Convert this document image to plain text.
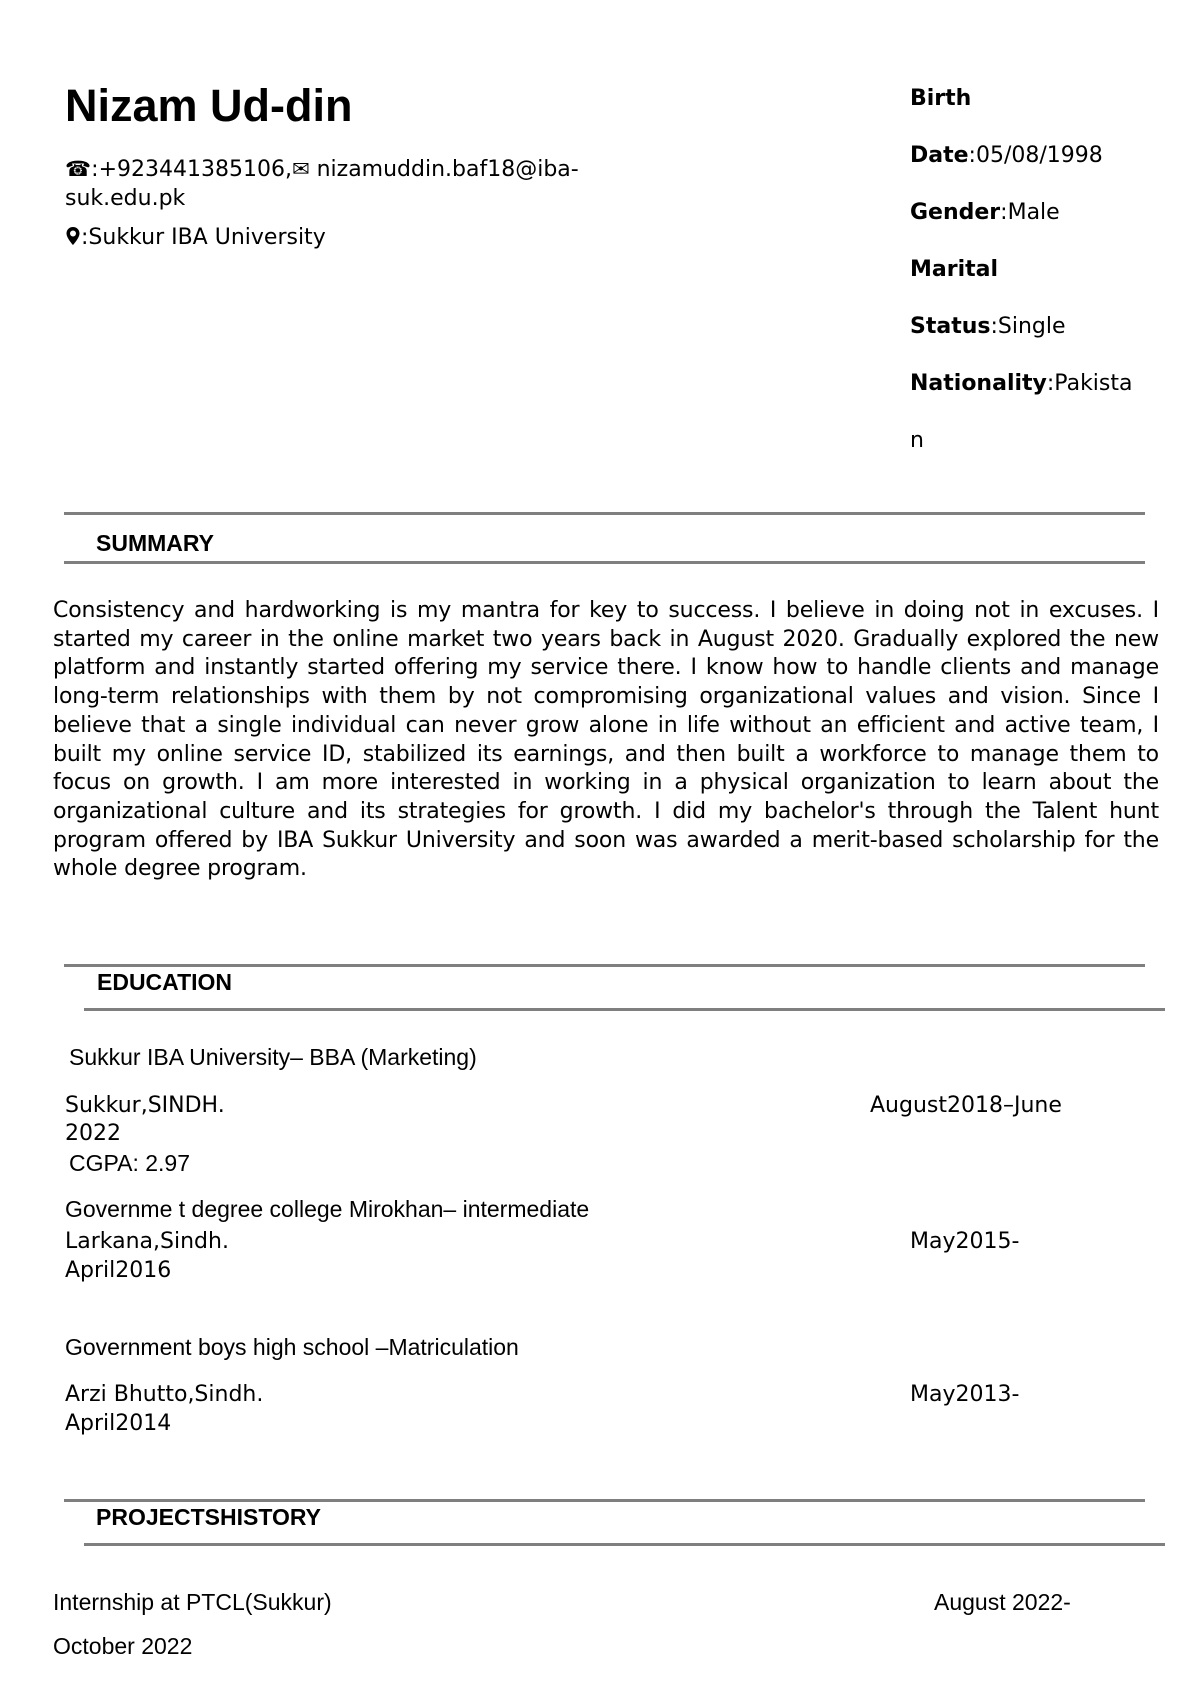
Nizam Ud-din
☎:+923441385106,✉ nizamuddin.baf18@iba-suk.edu.pk
:Sukkur IBA University
Birth
Date:05/08/1998
Gender:Male
Marital
Status:Single
Nationality:Pakista
n
SUMMARY
Consistency and hardworking is my mantra for key to success. I believe in doing not in excuses. I started my career in the online market two years back in August 2020. Gradually explored the new platform and instantly started offering my service there. I know how to handle clients and manage long-term relationships with them by not compromising organizational values and vision. Since I believe that a single individual can never grow alone in life without an efficient and active team, I built my online service ID, stabilized its earnings, and then built a workforce to manage them to focus on growth. I am more interested in working in a physical organization to learn about the organizational culture and its strategies for growth. I did my bachelor's through the Talent hunt program offered by IBA Sukkur University and soon was awarded a merit-based scholarship for the whole degree program.
EDUCATION
Sukkur IBA University– BBA (Marketing)
Sukkur,SINDH.	August2018–June
2022
CGPA: 2.97
Governme t degree college Mirokhan– intermediate
Larkana,Sindh.	May2015-
April2016
Government boys high school –Matriculation
Arzi Bhutto,Sindh.	May2013-
April2014
PROJECTSHISTORY
Internship at PTCL(Sukkur)	August 2022-
October 2022
